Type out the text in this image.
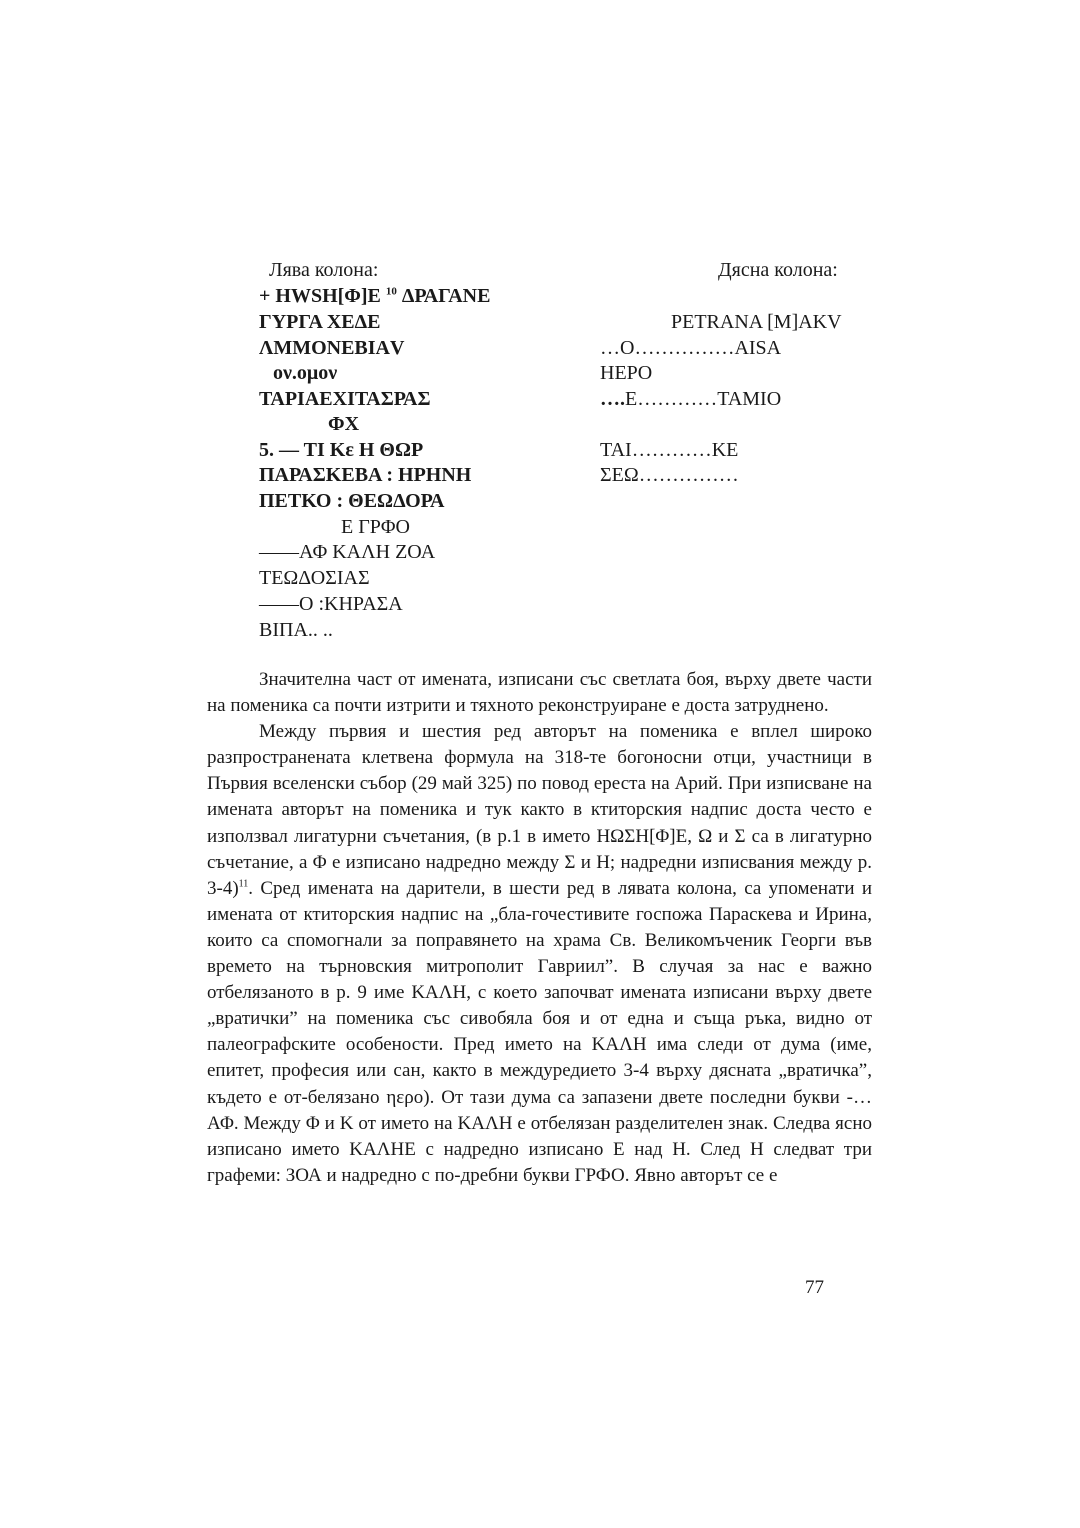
Лява колона:	Дясна колона:
+ HWSH[Φ]E $^{10}$ ΔΡΑΓΑΝΕ
ΓΥΡΓΑ ΧΕΔΕ
ΛΜΜΟΝΕΒΙΑV
ον.ομον
ΤΑΡΙΑΕΧΙΤΑΣΡΑΣ
ΦΧ
5. — ΤΙ Κε Η ΘΩΡ
ΠΑΡΑΣΚΕΒΑ : ΗΡΗΝΗ
ΠΕΤΚΟ : ΘΕΩΔΟΡΑ
Ε ΓΡΦΟ
——ΑΦ ΚΑΛΗ ΖΟΑ
ΤΕΩΔΟΣΙΑΣ
——Ο :ΚΗΡΑΣΑ
ΒΙΠΑ.. ..
PETRANA [M]AKV
…O……………AISA
HEPO
….E…………TAMIO
TAI…………KE
ΣΕΩ……………

Значителна част от имената, изписани със светлата боя, върху двете части на поменика са почти изтрити и тяхното реконструиране е доста затруднено.

Между първия и шестия ред авторът на поменика е вплел широко разпространената клетвена формула на 318-те богоносни отци, участници в Първия вселенски събор (29 май 325) по повод ереста на Арий. При изписване на имената авторът на поменика и тук както в ктиторския надпис доста често е използвал лигатурни съчетания, (в р.1 в името ΗΩΣΗ[Φ]Ε, Ω и Σ са в лигатурно съчетание, а Φ е изписано надредно между Σ и Η; надредни изписвания между р. 3-4)$^{11}$. Сред имената на дарители, в шести ред в лявата колона, са упоменати и имената от ктиторския надпис на „бла-гочестивите госпожа Параскева и Ирина, които са спомогнали за поправянето на храма Св. Великомъченик Георги във времето на търновския митрополит Гавриил”. В случая за нас е важно отбелязаното в р. 9 име ΚΑΛΗ, с което започват имената изписани върху двете „вратички” на поменика със сивобяла боя и от една и съща ръка, видно от палеографските особености. Пред името на ΚΑΛΗ има следи от дума (име, епитет, професия или сан, както в междуредието 3-4 върху дясната „вратичка”, където е от-белязано ηερο). От тази дума са запазени двете последни букви -…ΑΦ. Между Φ и Κ от името на ΚΑΛΗ е отбелязан разделителен знак. Следва ясно изписано името ΚΑΛΗΕ с надредно изписано Ε над Η. След Η следват три графеми: ЗОА и надредно с по-дребни букви ГРФО. Явно авторът се е

77
